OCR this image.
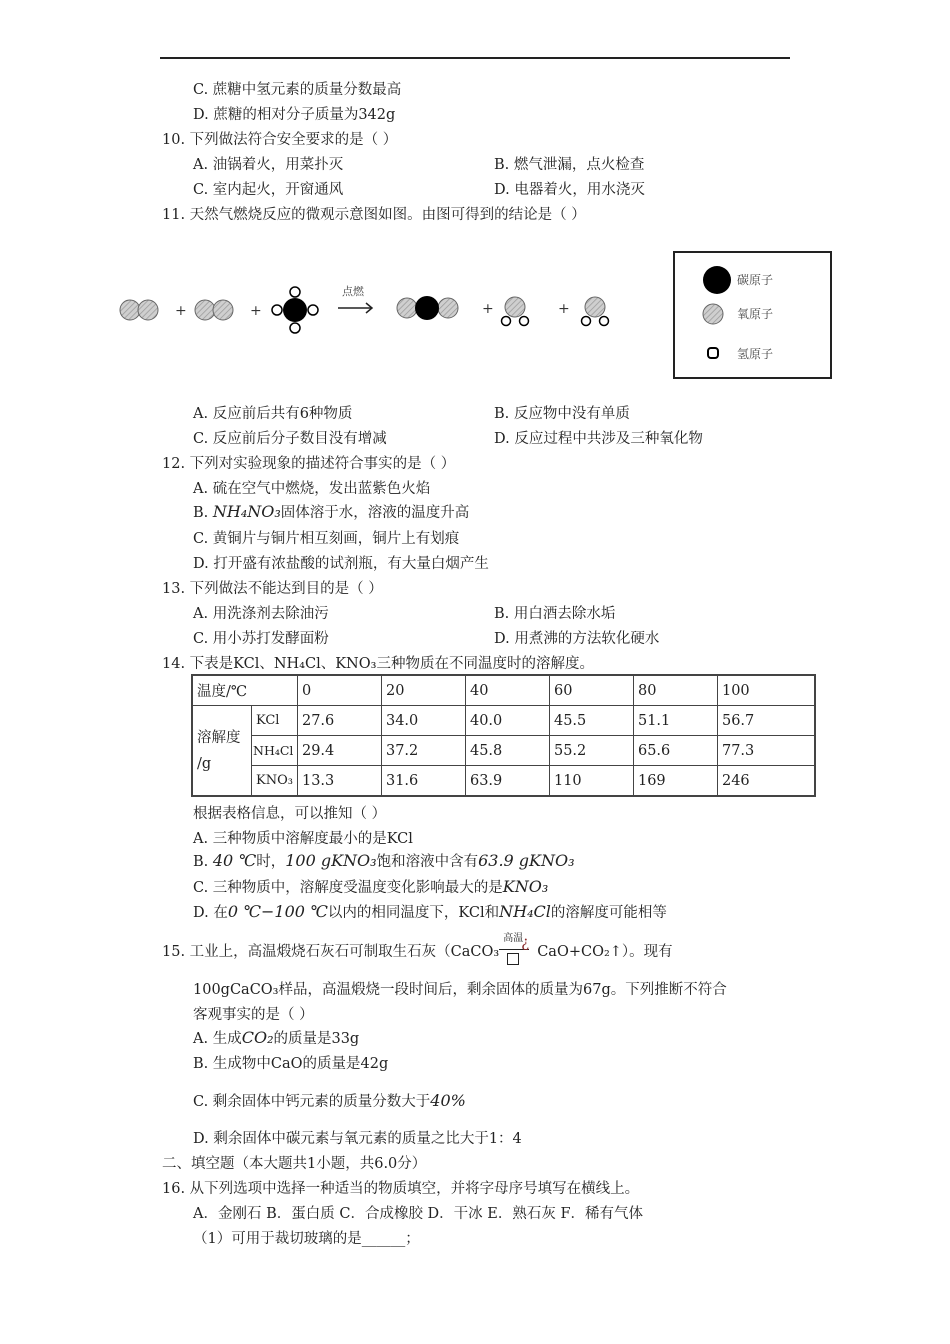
C. 蔗糖中氢元素的质量分数最高
D. 蔗糖的相对分子质量为342g
10. 下列做法符合安全要求的是（ ）
A. 油锅着火，用菜扑灭	B. 燃气泄漏，点火检查
C. 室内起火，开窗通风	D. 电器着火，用水浇灭
11. 天然气燃烧反应的微观示意图如图。由图可得到的结论是（ ）
+	+
点燃
+	+
碳原子
氧原子
氢原子
A. 反应前后共有6种物质	B. 反应物中没有单质
C. 反应前后分子数目没有增减	D. 反应过程中共涉及三种氧化物
12. 下列对实验现象的描述符合事实的是（ ）
A. 硫在空气中燃烧，发出蓝紫色火焰
B. NH₄NO₃固体溶于水，溶液的温度升高
C. 黄铜片与铜片相互刻画，铜片上有划痕
D. 打开盛有浓盐酸的试剂瓶，有大量白烟产生
13. 下列做法不能达到目的是（ ）
A. 用洗涤剂去除油污	B. 用白酒去除水垢
C. 用小苏打发酵面粉	D. 用煮沸的方法软化硬水
14. 下表是KCl、NH₄Cl、KNO₃三种物质在不同温度时的溶解度。
温度/℃		0	20	40	60	80	100
溶解度
/g	KCl	27.6	34.0	40.0	45.5	51.1	56.7
	NH₄Cl	29.4	37.2	45.8	55.2	65.6	77.3
	KNO₃	13.3	31.6	63.9	110	169	246
根据表格信息，可以推知（ ）
A. 三种物质中溶解度最小的是KCl
B. 40 ℃时，100 gKNO₃饱和溶液中含有63.9 gKNO₃
C. 三种物质中，溶解度受温度变化影响最大的是KNO₃
D. 在0 ℃−100 ℃以内的相同温度下，KCl和NH₄Cl的溶解度可能相等
15. 工业上，高温煅烧石灰石可制取生石灰（CaCO₃
高温
¿
CaO+CO₂↑）。现有
100gCaCO₃样品，高温煅烧一段时间后，剩余固体的质量为67g。下列推断不符合
客观事实的是（ ）
A. 生成CO₂的质量是33g
B. 生成物中CaO的质量是42g
C. 剩余固体中钙元素的质量分数大于40%
D. 剩余固体中碳元素与氧元素的质量之比大于1：4
二、填空题（本大题共1小题，共6.0分）
16. 从下列选项中选择一种适当的物质填空，并将字母序号填写在横线上。
A．金刚石 B．蛋白质 C．合成橡胶 D．干冰 E．熟石灰 F．稀有气体
（1）可用于裁切玻璃的是______；
